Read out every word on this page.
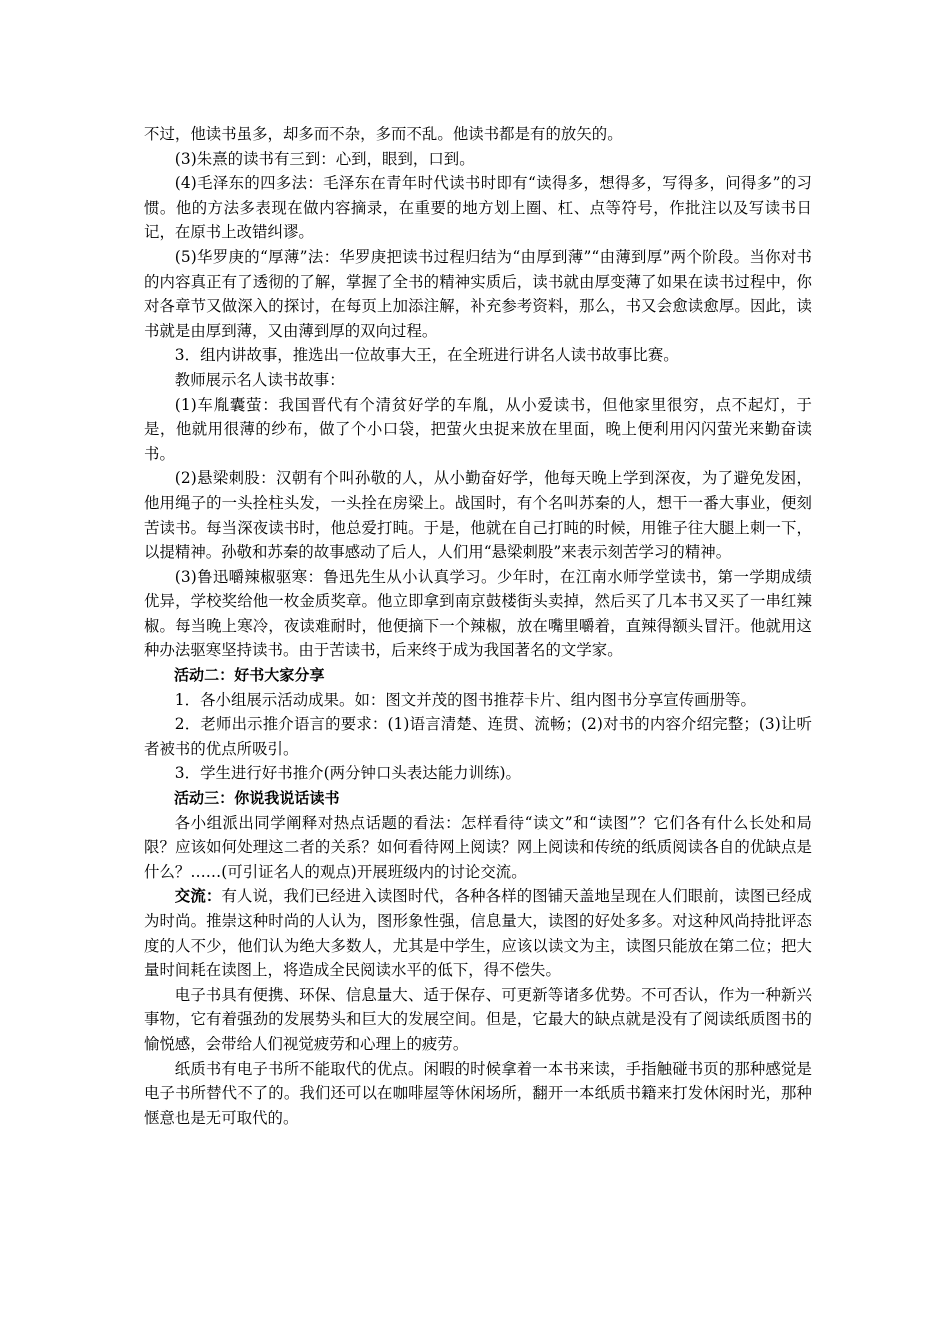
不过，他读书虽多，却多而不杂，多而不乱。他读书都是有的放矢的。

(3)朱熹的读书有三到：心到，眼到，口到。

(4)毛泽东的四多法：毛泽东在青年时代读书时即有“读得多，想得多，写得多，问得多”的习惯。他的方法多表现在做内容摘录，在重要的地方划上圈、杠、点等符号，作批注以及写读书日记，在原书上改错纠谬。

(5)华罗庚的“厚薄”法：华罗庚把读书过程归结为“由厚到薄”“由薄到厚”两个阶段。当你对书的内容真正有了透彻的了解，掌握了全书的精神实质后，读书就由厚变薄了如果在读书过程中，你对各章节又做深入的探讨，在每页上加添注解，补充参考资料，那么，书又会愈读愈厚。因此，读书就是由厚到薄，又由薄到厚的双向过程。

3．组内讲故事，推选出一位故事大王，在全班进行讲名人读书故事比赛。

教师展示名人读书故事：

(1)车胤囊萤：我国晋代有个清贫好学的车胤，从小爱读书，但他家里很穷，点不起灯，于是，他就用很薄的纱布，做了个小口袋，把萤火虫捉来放在里面，晚上便利用闪闪萤光来勤奋读书。

(2)悬梁刺股：汉朝有个叫孙敬的人，从小勤奋好学，他每天晚上学到深夜，为了避免发困，他用绳子的一头拴柱头发，一头拴在房梁上。战国时，有个名叫苏秦的人，想干一番大事业，便刻苦读书。每当深夜读书时，他总爱打盹。于是，他就在自己打盹的时候，用锥子往大腿上刺一下，以提精神。孙敬和苏秦的故事感动了后人，人们用“悬梁刺股”来表示刻苦学习的精神。

(3)鲁迅嚼辣椒驱寒：鲁迅先生从小认真学习。少年时，在江南水师学堂读书，第一学期成绩优异，学校奖给他一枚金质奖章。他立即拿到南京鼓楼街头卖掉，然后买了几本书又买了一串红辣椒。每当晚上寒冷，夜读难耐时，他便摘下一个辣椒，放在嘴里嚼着，直辣得额头冒汗。他就用这种办法驱寒坚持读书。由于苦读书，后来终于成为我国著名的文学家。

活动二：好书大家分享

1．各小组展示活动成果。如：图文并茂的图书推荐卡片、组内图书分享宣传画册等。

2．老师出示推介语言的要求：(1)语言清楚、连贯、流畅；(2)对书的内容介绍完整；(3)让听者被书的优点所吸引。

3．学生进行好书推介(两分钟口头表达能力训练)。

活动三：你说我说话读书

各小组派出同学阐释对热点话题的看法：怎样看待“读文”和“读图”？它们各有什么长处和局限？应该如何处理这二者的关系？如何看待网上阅读？网上阅读和传统的纸质阅读各自的优缺点是什么？……(可引证名人的观点)开展班级内的讨论交流。

交流：有人说，我们已经进入读图时代，各种各样的图铺天盖地呈现在人们眼前，读图已经成为时尚。推崇这种时尚的人认为，图形象性强，信息量大，读图的好处多多。对这种风尚持批评态度的人不少，他们认为绝大多数人，尤其是中学生，应该以读文为主，读图只能放在第二位；把大量时间耗在读图上，将造成全民阅读水平的低下，得不偿失。

电子书具有便携、环保、信息量大、适于保存、可更新等诸多优势。不可否认，作为一种新兴事物，它有着强劲的发展势头和巨大的发展空间。但是，它最大的缺点就是没有了阅读纸质图书的愉悦感，会带给人们视觉疲劳和心理上的疲劳。

纸质书有电子书所不能取代的优点。闲暇的时候拿着一本书来读，手指触碰书页的那种感觉是电子书所替代不了的。我们还可以在咖啡屋等休闲场所，翻开一本纸质书籍来打发休闲时光，那种惬意也是无可取代的。
